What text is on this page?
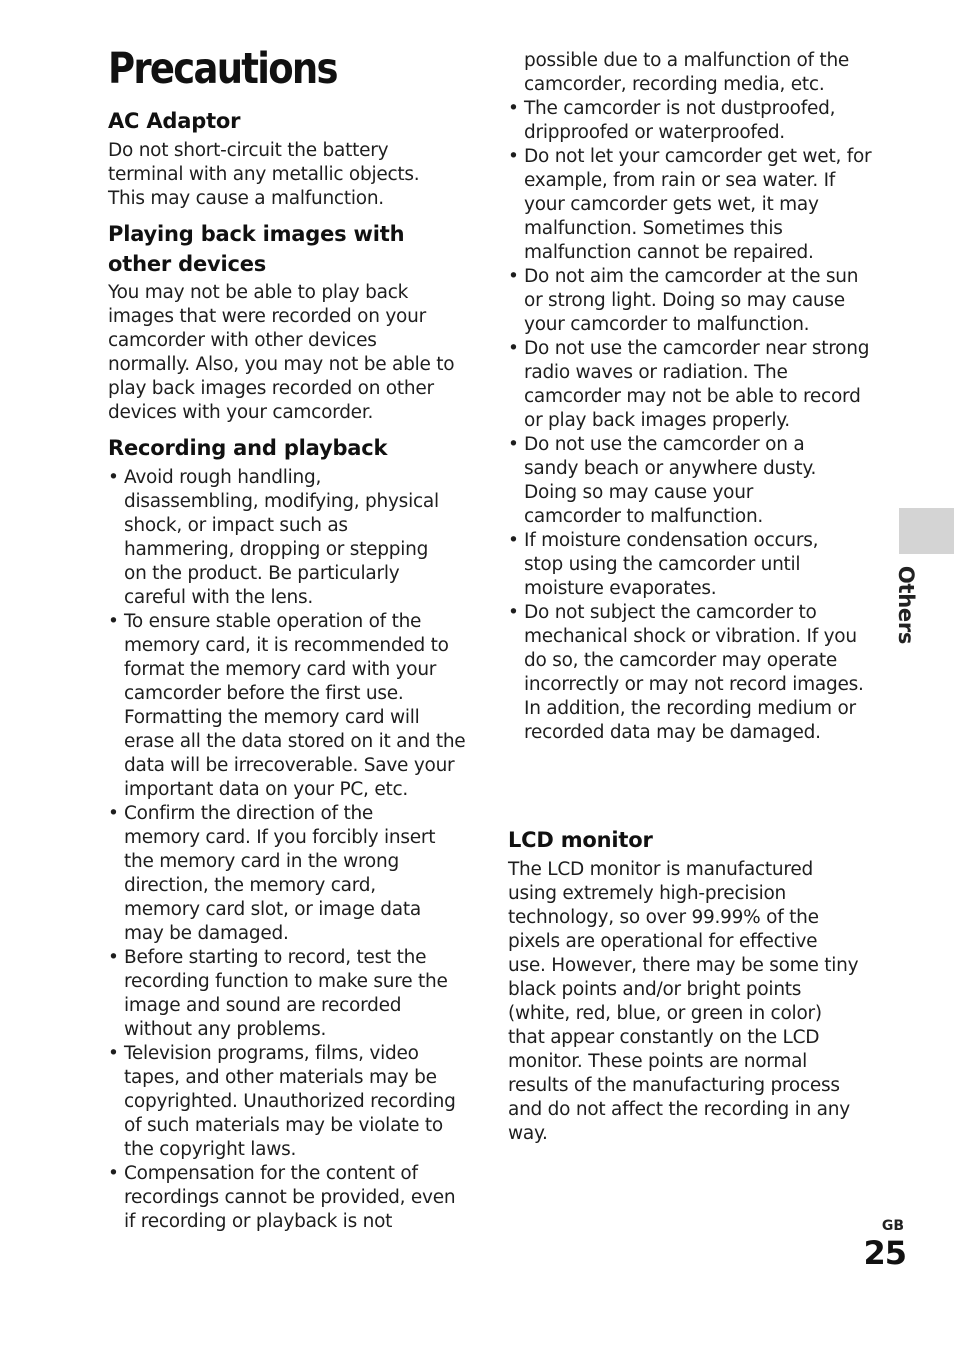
Precautions
AC Adaptor

Do not short-circuit the battery terminal with any metallic objects. This may cause a malfunction.

Playing back images with other devices

You may not be able to play back images that were recorded on your camcorder with other devices normally. Also, you may not be able to play back images recorded on other devices with your camcorder.

Recording and playback
• Avoid rough handling, disassembling, modifying, physical shock, or impact such as hammering, dropping or stepping on the product. Be particularly careful with the lens.
• To ensure stable operation of the memory card, it is recommended to format the memory card with your camcorder before the first use. Formatting the memory card will erase all the data stored on it and the data will be irrecoverable. Save your important data on your PC, etc.
• Confirm the direction of the memory card. If you forcibly insert the memory card in the wrong direction, the memory card, memory card slot, or image data may be damaged.
• Before starting to record, test the recording function to make sure the image and sound are recorded without any problems.
• Television programs, films, video tapes, and other materials may be copyrighted. Unauthorized recording of such materials may be violate to the copyright laws.
• Compensation for the content of recordings cannot be provided, even if recording or playback is not
possible due to a malfunction of the camcorder, recording media, etc.
• The camcorder is not dustproofed, dripproofed or waterproofed.
• Do not let your camcorder get wet, for example, from rain or sea water. If your camcorder gets wet, it may malfunction. Sometimes this malfunction cannot be repaired.
• Do not aim the camcorder at the sun or strong light. Doing so may cause your camcorder to malfunction.
• Do not use the camcorder near strong radio waves or radiation. The camcorder may not be able to record or play back images properly.
• Do not use the camcorder on a sandy beach or anywhere dusty. Doing so may cause your camcorder to malfunction.
• If moisture condensation occurs, stop using the camcorder until moisture evaporates.
• Do not subject the camcorder to mechanical shock or vibration. If you do so, the camcorder may operate incorrectly or may not record images. In addition, the recording medium or recorded data may be damaged.
LCD monitor

The LCD monitor is manufactured using extremely high-precision technology, so over 99.99% of the pixels are operational for effective use. However, there may be some tiny black points and/or bright points (white, red, blue, or green in color) that appear constantly on the LCD monitor. These points are normal results of the manufacturing process and do not affect the recording in any way.

Others
GB
25
